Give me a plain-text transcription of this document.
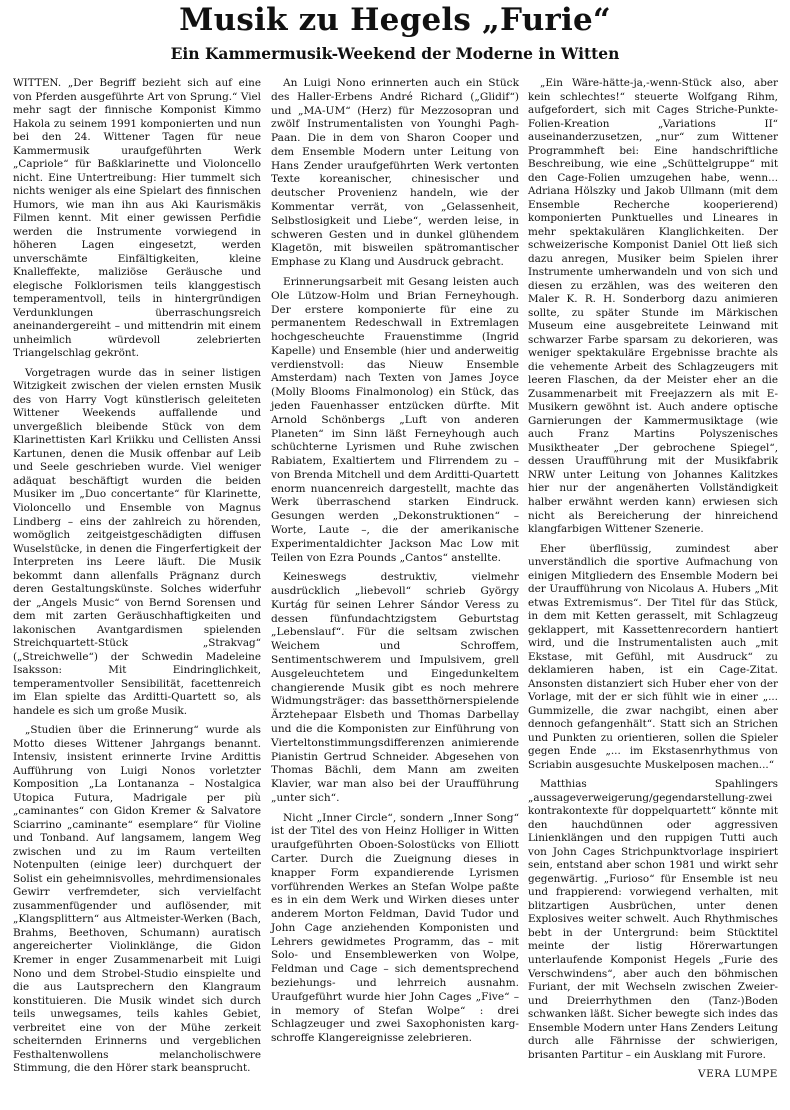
Musik zu Hegels „Furie“
Ein Kammermusik-Weekend der Moderne in Witten

WITTEN. „Der Begriff bezieht sich auf eine von Pferden ausgeführte Art von Sprung.“ Viel mehr sagt der finnische Komponist Kimmo Hakola zu seinem 1991 komponierten und nun bei den 24. Wittener Tagen für neue Kammermusik uraufgeführten Werk „Capriole“ für Baßklarinette und Violoncello nicht. Eine Untertreibung: Hier tummelt sich nichts weniger als eine Spielart des finnischen Humors, wie man ihn aus Aki Kaurismäkis Filmen kennt. Mit einer gewissen Perfidie werden die Instrumente vorwiegend in höheren Lagen eingesetzt, werden unverschämte Einfältigkeiten, kleine Knalleffekte, maliziöse Geräusche und elegische Folklorismen teils klanggestisch temperamentvoll, teils in hintergründigen Verdunklungen überraschungsreich aneinandergereiht – und mittendrin mit einem unheimlich würdevoll zelebrierten Triangelschlag gekrönt.

Vorgetragen wurde das in seiner listigen Witzigkeit zwischen der vielen ernsten Musik des von Harry Vogt künstlerisch geleiteten Wittener Weekends auffallende und unvergeßlich bleibende Stück von dem Klarinettisten Karl Kriikku und Cellisten Anssi Kartunen, denen die Musik offenbar auf Leib und Seele geschrieben wurde. Viel weniger adäquat beschäftigt wurden die beiden Musiker im „Duo concertante“ für Klarinette, Violoncello und Ensemble von Magnus Lindberg – eins der zahlreich zu hörenden, womöglich zeitgeistgeschädigten diffusen Wuselstücke, in denen die Fingerfertigkeit der Interpreten ins Leere läuft. Die Musik bekommt dann allenfalls Prägnanz durch deren Gestaltungskünste. Solches widerfuhr der „Angels Music“ von Bernd Sorensen und dem mit zarten Geräuschhaftigkeiten und lakonischen Avantgardismen spielenden Streichquartett-Stück „Strakvag“ („Streichwelle“) der Schwedin Madeleine Isaksson: Mit Eindringlichkeit, temperamentvoller Sensibilität, facettenreich im Elan spielte das Arditti-Quartett so, als handele es sich um große Musik.

„Studien über die Erinnerung“ wurde als Motto dieses Wittener Jahrgangs benannt. Intensiv, insistent erinnerte Irvine Ardittis Aufführung von Luigi Nonos vorletzter Komposition „La Lontananza – Nostalgica Utopica Futura, Madrigale per più „caminantes“ con Gidon Kremer & Salvatore Sciarrino „caminante“ esemplare“ für Violine und Tonband. Auf langsamem, langem Weg zwischen und zu im Raum verteilten Notenpulten (einige leer) durchquert der Solist ein geheimnisvolles, mehrdimensionales Gewirr verfremdeter, sich vervielfacht zusammenfügender und auflösender, mit „Klangsplittern“ aus Altmeister-Werken (Bach, Brahms, Beethoven, Schumann) auratisch angereicherter Violinklänge, die Gidon Kremer in enger Zusammenarbeit mit Luigi Nono und dem Strobel-Studio einspielte und die aus Lautsprechern den Klangraum konstituieren. Die Musik windet sich durch teils unwegsames, teils kahles Gebiet, verbreitet eine von der Mühe zerkeit scheiternden Erinnerns und vergeblichen Festhaltenwollens melancholischwere Stimmung, die den Hörer stark beansprucht.

An Luigi Nono erinnerten auch ein Stück des Haller-Erbens André Richard („Glidif“) und „MA-UM“ (Herz) für Mezzosopran und zwölf Instrumentalisten von Younghi Pagh-Paan. Die in dem von Sharon Cooper und dem Ensemble Modern unter Leitung von Hans Zender uraufgeführten Werk vertonten Texte koreanischer, chinesischer und deutscher Provenienz handeln, wie der Kommentar verrät, von „Gelassenheit, Selbstlosigkeit und Liebe“, werden leise, in schweren Gesten und in dunkel glühendem Klagetön, mit bisweilen spätromantischer Emphase zu Klang und Ausdruck gebracht.

Erinnerungsarbeit mit Gesang leisten auch Ole Lützow-Holm und Brian Ferneyhough. Der erstere komponierte für eine zu permanentem Redeschwall in Extremlagen hochgescheuchte Frauenstimme (Ingrid Kapelle) und Ensemble (hier und anderweitig verdienstvoll: das Nieuw Ensemble Amsterdam) nach Texten von James Joyce (Molly Blooms Finalmonolog) ein Stück, das jeden Fauenhasser entzücken dürfte. Mit Arnold Schönbergs „Luft von anderen Planeten“ im Sinn läßt Ferneyhough auch schüchterne Lyrismen und Ruhe zwischen Rabiatem, Exaltiertem und Flirrendem zu – von Brenda Mitchell und dem Arditti-Quartett enorm nuancenreich dargestellt, machte das Werk überraschend starken Eindruck. Gesungen werden „Dekonstruktionen“ – Worte, Laute –, die der amerikanische Experimentaldichter Jackson Mac Low mit Teilen von Ezra Pounds „Cantos“ anstellte.

Keineswegs destruktiv, vielmehr ausdrücklich „liebevoll“ schrieb György Kurtág für seinen Lehrer Sándor Veress zu dessen fünfundachtzigstem Geburtstag „Lebenslauf“. Für die seltsam zwischen Weichem und Schroffem, Sentimentschwerem und Impulsivem, grell Ausgeleuchtetem und Eingedunkeltem changierende Musik gibt es noch mehrere Widmungsträger: das bassetthörnerspielende Ärztehepaar Elsbeth und Thomas Darbellay und die die Komponisten zur Einführung von Vierteltonstimmungsdifferenzen animierende Pianistin Gertrud Schneider. Abgesehen von Thomas Bächli, dem Mann am zweiten Klavier, war man also bei der Uraufführung „unter sich“.

Nicht „Inner Circle“, sondern „Inner Song“ ist der Titel des von Heinz Holliger in Witten uraufgeführten Oboen-Solostücks von Elliott Carter. Durch die Zueignung dieses in knapper Form expandierende Lyrismen vorführenden Werkes an Stefan Wolpe paßte es in ein dem Werk und Wirken dieses unter anderem Morton Feldman, David Tudor und John Cage anziehenden Komponisten und Lehrers gewidmetes Programm, das – mit Solo- und Ensemblewerken von Wolpe, Feldman und Cage – sich dementsprechend beziehungs- und lehrreich ausnahm. Uraufgeführt wurde hier John Cages „Five“ – in memory of Stefan Wolpe“ : drei Schlagzeuger und zwei Saxophonisten karg-schroffe Klangereignisse zelebrieren.

„Ein Wäre-hätte-ja,-wenn-Stück also, aber kein schlechtes!“ steuerte Wolfgang Rihm, aufgefordert, sich mit Cages Striche-Punkte-Folien-Kreation „Variations II“ auseinanderzusetzen, „nur“ zum Wittener Programmheft bei: Eine handschriftliche Beschreibung, wie eine „Schüttelgruppe“ mit den Cage-Folien umzugehen habe, wenn... Adriana Hölszky und Jakob Ullmann (mit dem Ensemble Recherche kooperierend) komponierten Punktuelles und Lineares in mehr spektakulären Klanglichkeiten. Der schweizerische Komponist Daniel Ott ließ sich dazu anregen, Musiker beim Spielen ihrer Instrumente umherwandeln und von sich und diesen zu erzählen, was des weiteren den Maler K. R. H. Sonderborg dazu animieren sollte, zu später Stunde im Märkischen Museum eine ausgebreitete Leinwand mit schwarzer Farbe sparsam zu dekorieren, was weniger spektakuläre Ergebnisse brachte als die vehemente Arbeit des Schlagzeugers mit leeren Flaschen, da der Meister eher an die Zusammenarbeit mit Freejazzern als mit E-Musikern gewöhnt ist. Auch andere optische Garnierungen der Kammermusiktage (wie auch Franz Martins Polyszenisches Musiktheater „Der gebrochene Spiegel“, dessen Uraufführung mit der Musikfabrik NRW unter Leitung von Johannes Kalitzkes hier nur der angenäherten Vollständigkeit halber erwähnt werden kann) erwiesen sich nicht als Bereicherung der hinreichend klangfarbigen Wittener Szenerie.

Eher überflüssig, zumindest aber unverständlich die sportive Aufmachung von einigen Mitgliedern des Ensemble Modern bei der Uraufführung von Nicolaus A. Hubers „Mit etwas Extremismus“. Der Titel für das Stück, in dem mit Ketten gerasselt, mit Schlagzeug geklappert, mit Kassettenrecordern hantiert wird, und die Instrumentalisten auch „mit Ekstase, mit Gefühl, mit Ausdruck“ zu deklamieren haben, ist ein Cage-Zitat. Ansonsten distanziert sich Huber eher von der Vorlage, mit der er sich fühlt wie in einer „... Gummizelle, die zwar nachgibt, einen aber dennoch gefangenhält“. Statt sich an Strichen und Punkten zu orientieren, sollen die Spieler gegen Ende „... im Ekstasenrhythmus von Scriabin ausgesuchte Muskelposen machen...“

Matthias Spahlingers „aussageverweigerung/gegendarstellung-zwei kontrakontexte für doppelquartett“ könnte mit den hauchdünnen oder aggressiven Linienklängen und den ruppigen Tutti auch von John Cages Strichpunktvorlage inspiriert sein, entstand aber schon 1981 und wirkt sehr gegenwärtig. „Furioso“ für Ensemble ist neu und frappierend: vorwiegend verhalten, mit blitzartigen Ausbrüchen, unter denen Explosives weiter schwelt. Auch Rhythmisches bebt in der Untergrund: beim Stücktitel meinte der listig Hörerwartungen unterlaufende Komponist Hegels „Furie des Verschwindens“, aber auch den böhmischen Furiant, der mit Wechseln zwischen Zweier- und Dreierrhythmen den (Tanz-)Boden schwanken läßt. Sicher bewegte sich indes das Ensemble Modern unter Hans Zenders Leitung durch alle Fährnisse der schwierigen, brisanten Partitur – ein Ausklang mit Furore.

VERA LUMPE
